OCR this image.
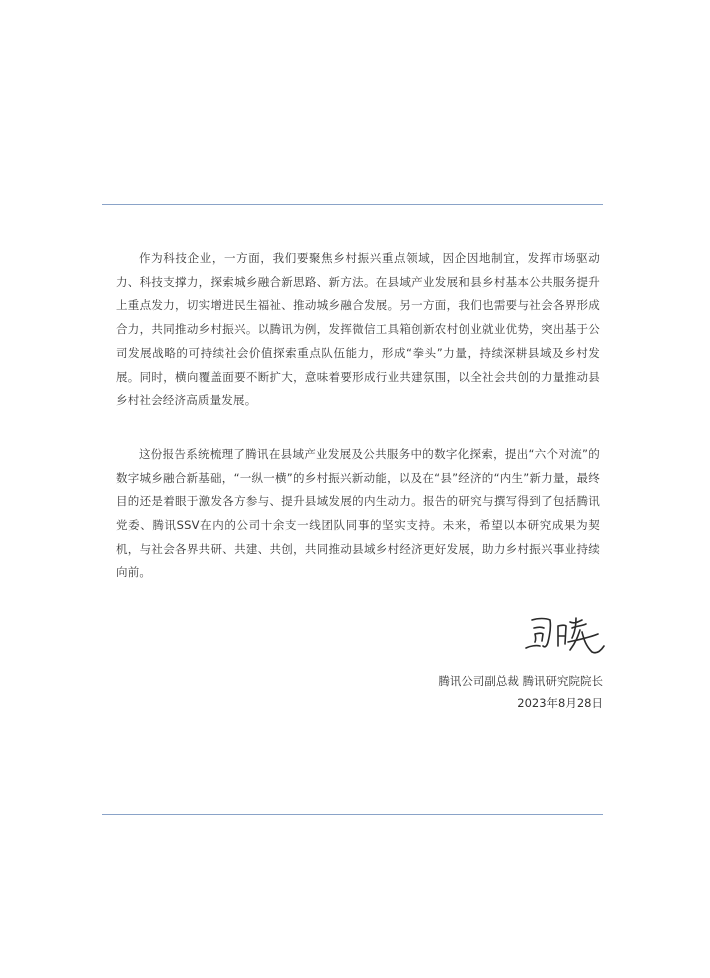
作为科技企业，一方面，我们要聚焦乡村振兴重点领域，因企因地制宜，发挥市场驱动力、科技支撑力，探索城乡融合新思路、新方法。在县域产业发展和县乡村基本公共服务提升上重点发力，切实增进民生福祉、推动城乡融合发展。另一方面，我们也需要与社会各界形成合力，共同推动乡村振兴。以腾讯为例，发挥微信工具箱创新农村创业就业优势，突出基于公司发展战略的可持续社会价值探索重点队伍能力，形成“拳头”力量，持续深耕县域及乡村发展。同时，横向覆盖面要不断扩大，意味着要形成行业共建氛围，以全社会共创的力量推动县乡村社会经济高质量发展。

这份报告系统梳理了腾讯在县域产业发展及公共服务中的数字化探索，提出“六个对流”的数字城乡融合新基础，“一纵一横”的乡村振兴新动能，以及在“县”经济的“内生”新力量，最终目的还是着眼于激发各方参与、提升县域发展的内生动力。报告的研究与撰写得到了包括腾讯党委、腾讯SSV在内的公司十余支一线团队同事的坚实支持。未来，希望以本研究成果为契机，与社会各界共研、共建、共创，共同推动县域乡村经济更好发展，助力乡村振兴事业持续向前。

腾讯公司副总裁 腾讯研究院院长
2023年8月28日
